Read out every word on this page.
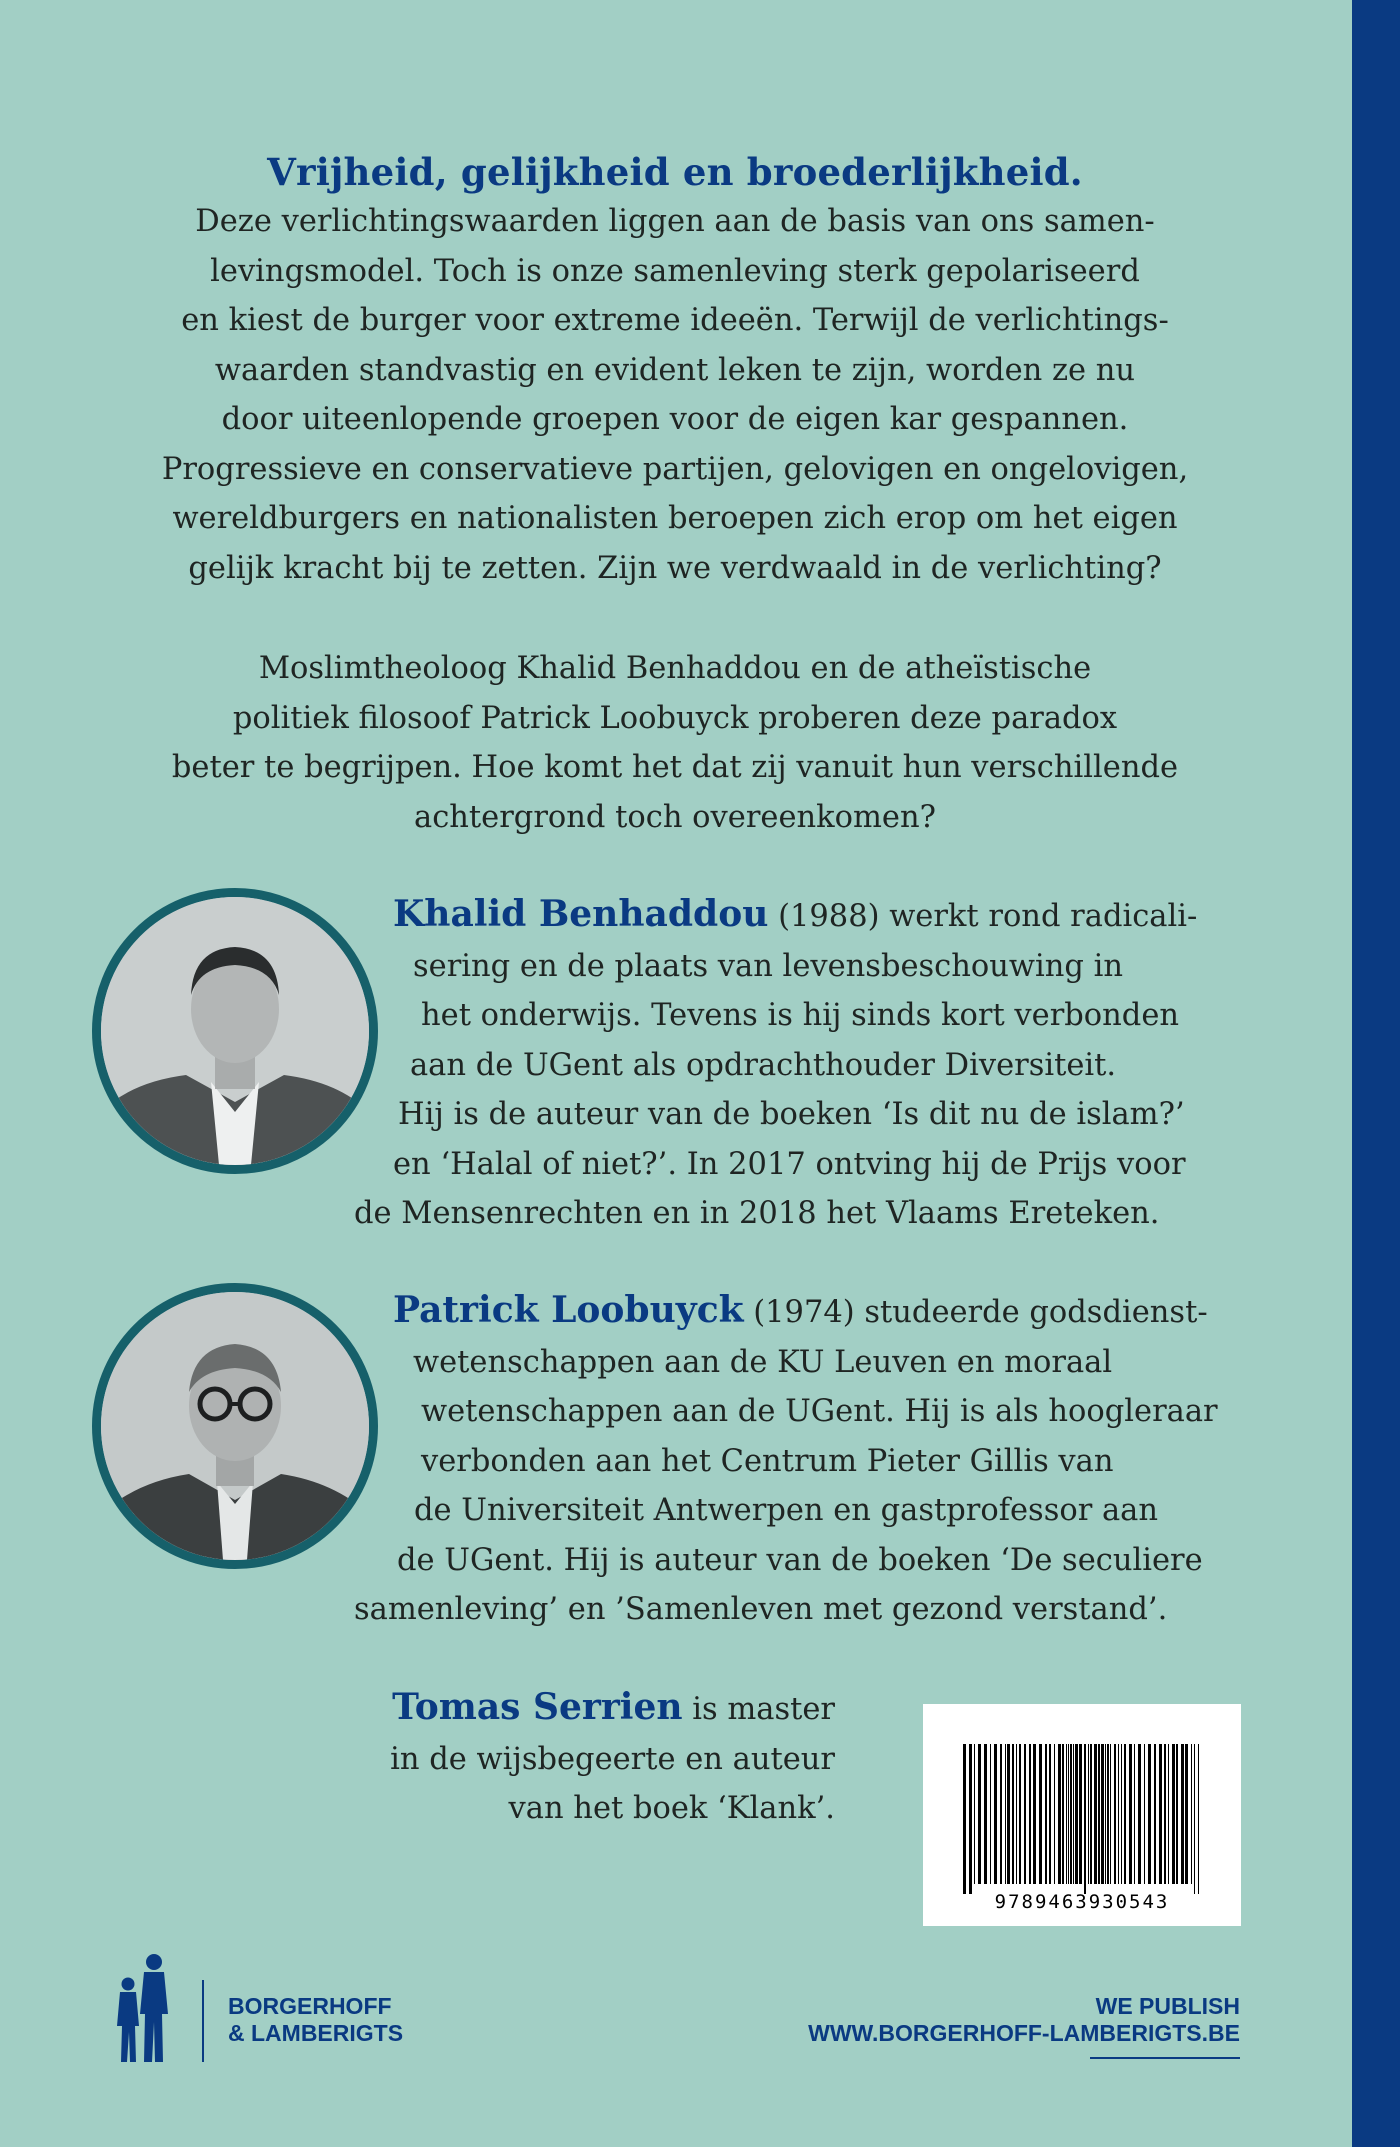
Vrijheid, gelijkheid en broederlijkheid.
Deze verlichtingswaarden liggen aan de basis van ons samen-
levingsmodel. Toch is onze samenleving sterk gepolariseerd
en kiest de burger voor extreme ideeën. Terwijl de verlichtings-
waarden standvastig en evident leken te zijn, worden ze nu
door uiteenlopende groepen voor de eigen kar gespannen.
Progressieve en conservatieve partijen, gelovigen en ongelovigen,
wereldburgers en nationalisten beroepen zich erop om het eigen
gelijk kracht bij te zetten. Zijn we verdwaald in de verlichting?
Moslimtheoloog Khalid Benhaddou en de atheïstische
politiek filosoof Patrick Loobuyck proberen deze paradox
beter te begrijpen. Hoe komt het dat zij vanuit hun verschillende
achtergrond toch overeenkomen?
Khalid Benhaddou (1988) werkt rond radicali-
sering en de plaats van levensbeschouwing in
het onderwijs. Tevens is hij sinds kort verbonden
aan de UGent als opdrachthouder Diversiteit.
Hij is de auteur van de boeken ‘Is dit nu de islam?’
en ‘Halal of niet?’. In 2017 ontving hij de Prijs voor
de Mensenrechten en in 2018 het Vlaams Ereteken.
Patrick Loobuyck (1974) studeerde godsdienst-
wetenschappen aan de KU Leuven en moraal
wetenschappen aan de UGent. Hij is als hoogleraar
verbonden aan het Centrum Pieter Gillis van
de Universiteit Antwerpen en gastprofessor aan
de UGent. Hij is auteur van de boeken ‘De seculiere
samenleving’ en ’Samenleven met gezond verstand’.
Tomas Serrien is master
in de wijsbegeerte en auteur
van het boek ‘Klank’.
9789463930543
BORGERHOFF
& LAMBERIGTS
WE PUBLISH
WWW.BORGERHOFF-LAMBERIGTS.BE
